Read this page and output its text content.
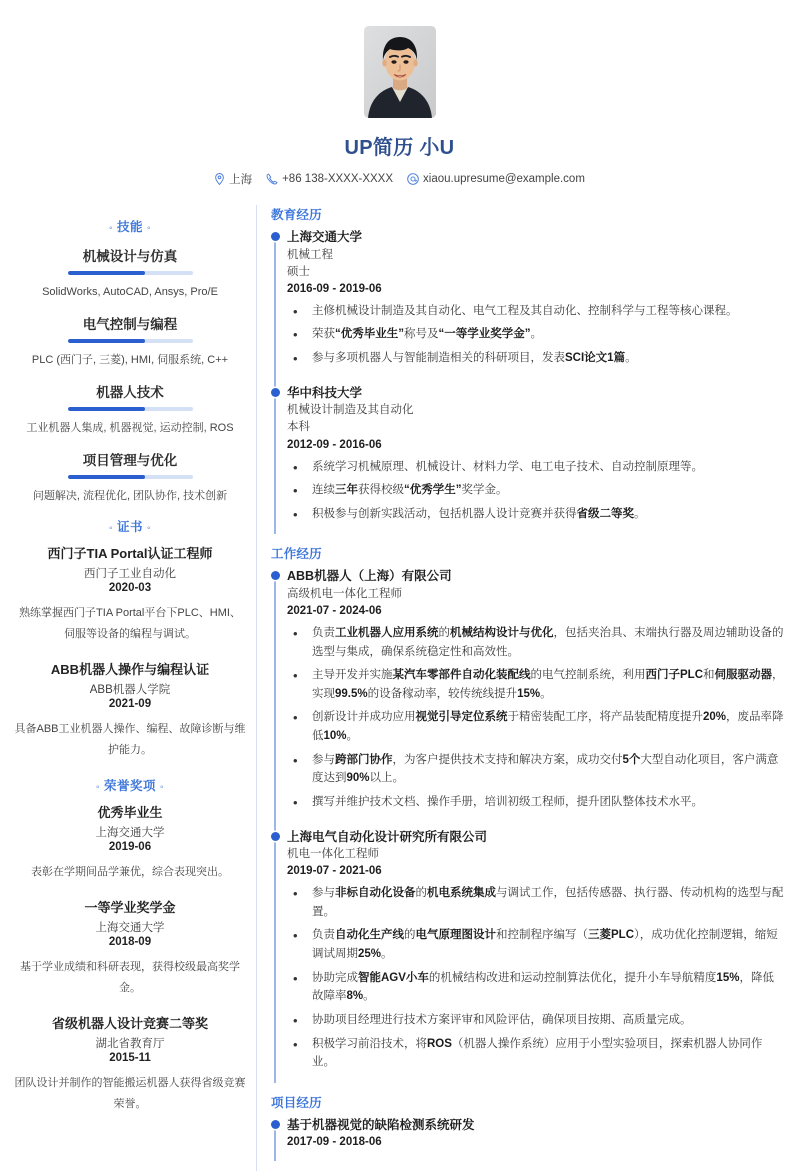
UP简历 小U
上海	+86 138-XXXX-XXXX	xiaou.upresume@example.com
◦ 技能 ◦
机械设计与仿真
SolidWorks, AutoCAD, Ansys, Pro/E
电气控制与编程
PLC (西门子, 三菱), HMI, 伺服系统, C++
机器人技术
工业机器人集成, 机器视觉, 运动控制, ROS
项目管理与优化
问题解决, 流程优化, 团队协作, 技术创新
◦ 证书 ◦
西门子TIA Portal认证工程师
西门子工业自动化
2020-03
熟练掌握西门子TIA Portal平台下PLC、HMI、伺服等设备的编程与调试。
ABB机器人操作与编程认证
ABB机器人学院
2021-09
具备ABB工业机器人操作、编程、故障诊断与维护能力。
◦ 荣誉奖项 ◦
优秀毕业生
上海交通大学
2019-06
表彰在学期间品学兼优，综合表现突出。
一等学业奖学金
上海交通大学
2018-09
基于学业成绩和科研表现，获得校级最高奖学金。
省级机器人设计竞赛二等奖
湖北省教育厅
2015-11
团队设计并制作的智能搬运机器人获得省级竞赛荣誉。
教育经历
上海交通大学
机械工程
硕士
2016-09 - 2019-06
• 主修机械设计制造及其自动化、电气工程及其自动化、控制科学与工程等核心课程。
• 荣获“优秀毕业生”称号及“一等学业奖学金”。
• 参与多项机器人与智能制造相关的科研项目，发表SCI论文1篇。
华中科技大学
机械设计制造及其自动化
本科
2012-09 - 2016-06
• 系统学习机械原理、机械设计、材料力学、电工电子技术、自动控制原理等。
• 连续三年获得校级“优秀学生”奖学金。
• 积极参与创新实践活动，包括机器人设计竞赛并获得省级二等奖。
工作经历
ABB机器人（上海）有限公司
高级机电一体化工程师
2021-07 - 2024-06
• 负责工业机器人应用系统的机械结构设计与优化，包括夹治具、末端执行器及周边辅助设备的选型与集成，确保系统稳定性和高效性。
• 主导开发并实施某汽车零部件自动化装配线的电气控制系统，利用西门子PLC和伺服驱动器，实现99.5%的设备稼动率，较传统线提升15%。
• 创新设计并成功应用视觉引导定位系统于精密装配工序，将产品装配精度提升20%，废品率降低10%。
• 参与跨部门协作，为客户提供技术支持和解决方案，成功交付5个大型自动化项目，客户满意度达到90%以上。
• 撰写并维护技术文档、操作手册，培训初级工程师，提升团队整体技术水平。
上海电气自动化设计研究所有限公司
机电一体化工程师
2019-07 - 2021-06
• 参与非标自动化设备的机电系统集成与调试工作，包括传感器、执行器、传动机构的选型与配置。
• 负责自动化生产线的电气原理图设计和控制程序编写（三菱PLC），成功优化控制逻辑，缩短调试周期25%。
• 协助完成智能AGV小车的机械结构改进和运动控制算法优化，提升小车导航精度15%，降低故障率8%。
• 协助项目经理进行技术方案评审和风险评估，确保项目按期、高质量完成。
• 积极学习前沿技术，将ROS（机器人操作系统）应用于小型实验项目，探索机器人协同作业。
项目经历
基于机器视觉的缺陷检测系统研发
2017-09 - 2018-06
